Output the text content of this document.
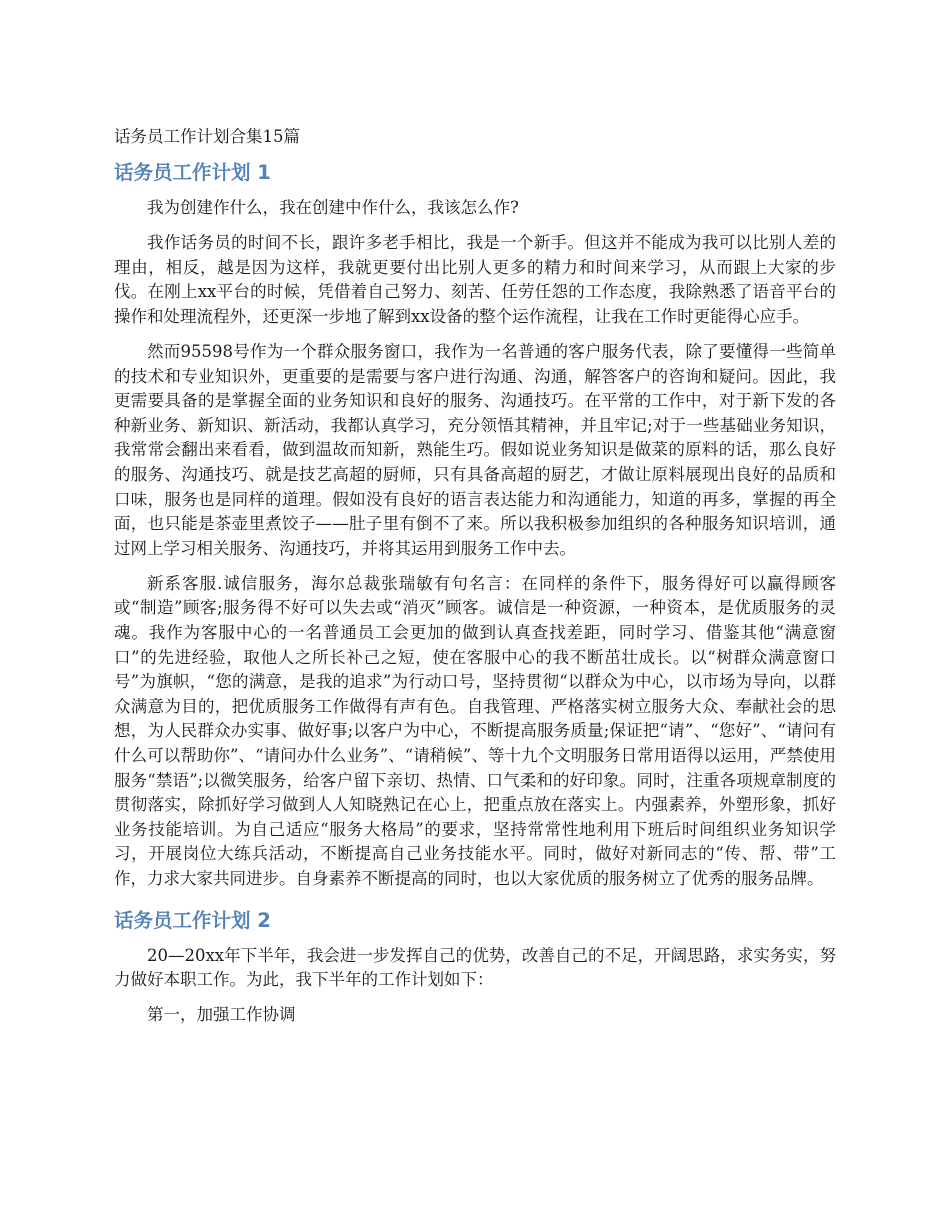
话务员工作计划合集15篇
话务员工作计划 1

我为创建作什么，我在创建中作什么，我该怎么作?

我作话务员的时间不长，跟许多老手相比，我是一个新手。但这并不能成为我可以比别人差的理由，相反，越是因为这样，我就更要付出比别人更多的精力和时间来学习，从而跟上大家的步伐。在刚上xx平台的时候，凭借着自己努力、刻苦、任劳任怨的工作态度，我除熟悉了语音平台的操作和处理流程外，还更深一步地了解到xx设备的整个运作流程，让我在工作时更能得心应手。

然而95598号作为一个群众服务窗口，我作为一名普通的客户服务代表，除了要懂得一些简单的技术和专业知识外，更重要的是需要与客户进行沟通、沟通，解答客户的咨询和疑问。因此，我更需要具备的是掌握全面的业务知识和良好的服务、沟通技巧。在平常的工作中，对于新下发的各种新业务、新知识、新活动，我都认真学习，充分领悟其精神，并且牢记;对于一些基础业务知识，我常常会翻出来看看，做到温故而知新，熟能生巧。假如说业务知识是做菜的原料的话，那么良好的服务、沟通技巧、就是技艺高超的厨师，只有具备高超的厨艺，才做让原料展现出良好的品质和口味，服务也是同样的道理。假如没有良好的语言表达能力和沟通能力，知道的再多，掌握的再全面，也只能是茶壶里煮饺子——肚子里有倒不了来。所以我积极参加组织的各种服务知识培训，通过网上学习相关服务、沟通技巧，并将其运用到服务工作中去。

新系客服.诚信服务，海尔总裁张瑞敏有句名言：在同样的条件下，服务得好可以赢得顾客或“制造”顾客;服务得不好可以失去或“消灭”顾客。诚信是一种资源，一种资本，是优质服务的灵魂。我作为客服中心的一名普通员工会更加的做到认真查找差距，同时学习、借鉴其他“满意窗口”的先进经验，取他人之所长补己之短，使在客服中心的我不断茁壮成长。以“树群众满意窗口号”为旗帜，“您的满意，是我的追求”为行动口号，坚持贯彻“以群众为中心，以市场为导向，以群众满意为目的，把优质服务工作做得有声有色。自我管理、严格落实树立服务大众、奉献社会的思想，为人民群众办实事、做好事;以客户为中心，不断提高服务质量;保证把“请”、“您好”、“请问有什么可以帮助你”、“请问办什么业务”、“请稍候”、等十九个文明服务日常用语得以运用，严禁使用服务“禁语”;以微笑服务，给客户留下亲切、热情、口气柔和的好印象。同时，注重各项规章制度的贯彻落实，除抓好学习做到人人知晓熟记在心上，把重点放在落实上。内强素养，外塑形象，抓好业务技能培训。为自己适应“服务大格局”的要求，坚持常常性地利用下班后时间组织业务知识学习，开展岗位大练兵活动，不断提高自己业务技能水平。同时，做好对新同志的“传、帮、带”工作，力求大家共同进步。自身素养不断提高的同时，也以大家优质的服务树立了优秀的服务品牌。

话务员工作计划 2

20—20xx年下半年，我会进一步发挥自己的优势，改善自己的不足，开阔思路，求实务实，努力做好本职工作。为此，我下半年的工作计划如下：

第一，加强工作协调
